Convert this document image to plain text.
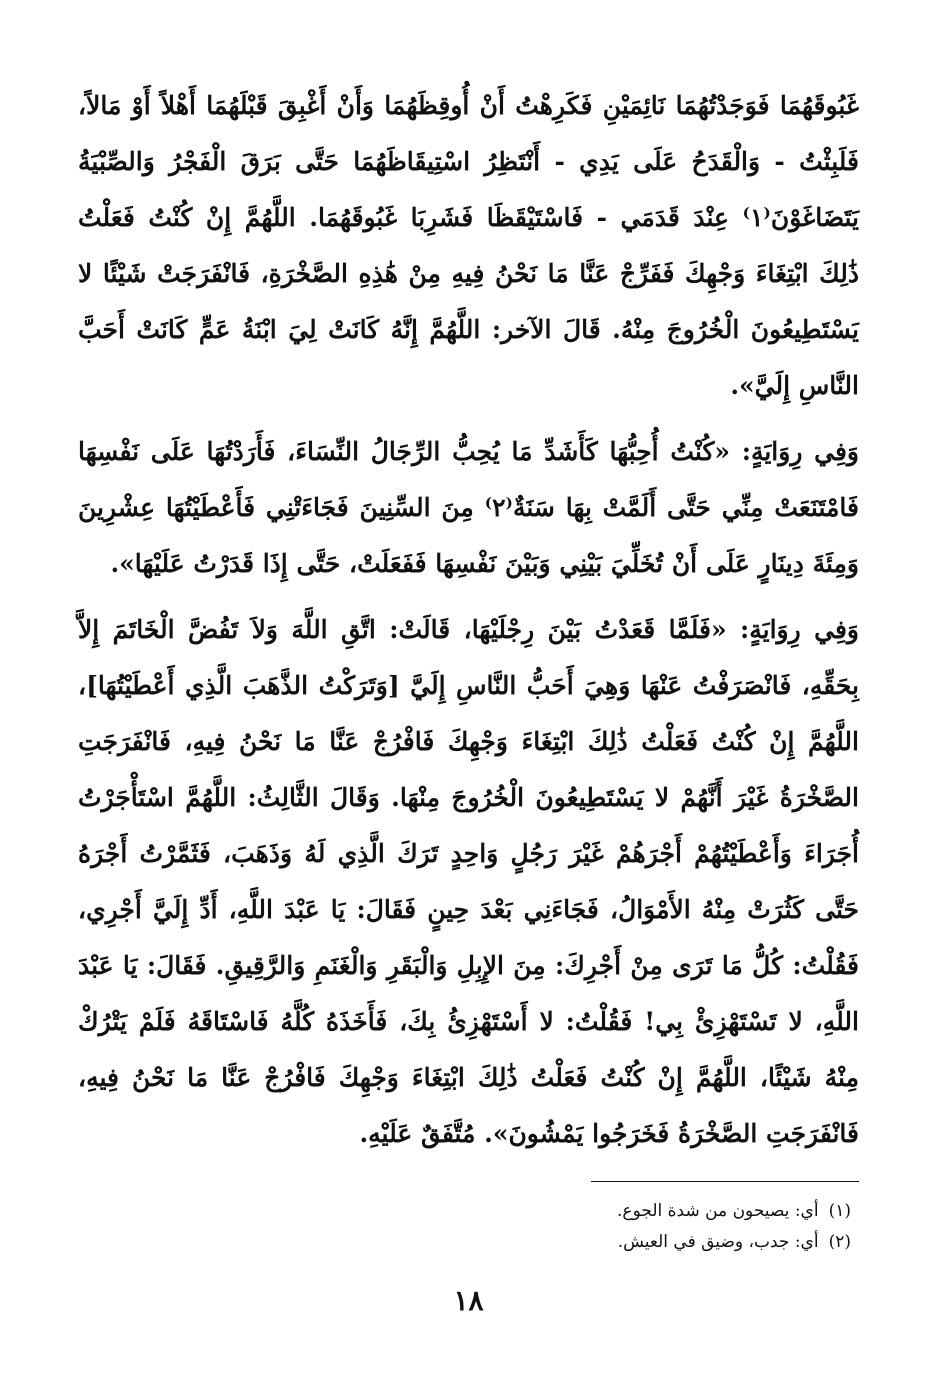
غَبُوقَهُمَا فَوَجَدْتُهُمَا نَائِمَيْنِ فَكَرِهْتُ أَنْ أُوقِظَهُمَا وَأَنْ أَغْبِقَ قَبْلَهُمَا أَهْلاً أَوْ مَالاً، فَلَبِثْتُ - وَالْقَدَحُ عَلَى يَدِي - أَنْتَظِرُ اسْتِيقَاظَهُمَا حَتَّى بَرَقَ الْفَجْرُ وَالصِّبْيَةُ يَتَضَاغَوْنَ⁽١⁾ عِنْدَ قَدَمَي - فَاسْتَيْقَظَا فَشَرِبَا غَبُوقَهُمَا. اللَّهُمَّ إِنْ كُنْتُ فَعَلْتُ ذَٰلِكَ ابْتِغَاءَ وَجْهِكَ فَفَرِّجْ عَنَّا مَا نَحْنُ فِيهِ مِنْ هَٰذِهِ الصَّخْرَةِ، فَانْفَرَجَتْ شَيْئًا لا يَسْتَطِيعُونَ الْخُرُوجَ مِنْهُ. قَالَ الآخر: اللَّهُمَّ إِنَّهُ كَانَتْ لِيَ ابْنَةُ عَمٍّ كَانَتْ أَحَبَّ النَّاسِ إِلَيَّ».

وَفِي رِوَايَةٍ: «كُنْتُ أُحِبُّهَا كَأَشَدِّ مَا يُحِبُّ الرِّجَالُ النِّسَاءَ، فَأَرَدْتُهَا عَلَى نَفْسِهَا فَامْتَنَعَتْ مِنِّي حَتَّى أَلَمَّتْ بِهَا سَنَةٌ⁽٢⁾ مِنَ السِّنِينَ فَجَاءَتْنِي فَأَعْطَيْتُهَا عِشْرِينَ وَمِئَةَ دِينَارٍ عَلَى أَنْ تُخَلِّيَ بَيْنِي وَبَيْنَ نَفْسِهَا فَفَعَلَتْ، حَتَّى إِذَا قَدَرْتُ عَلَيْهَا».

وَفِي رِوَايَةٍ: «فَلَمَّا قَعَدْتُ بَيْنَ رِجْلَيْهَا، قَالَتْ: اتَّقِ اللَّهَ وَلاَ تَفُضَّ الْخَاتَمَ إِلاَّ بِحَقِّهِ، فَانْصَرَفْتُ عَنْهَا وَهِيَ أَحَبُّ النَّاسِ إِلَيَّ [وَتَرَكْتُ الذَّهَبَ الَّذِي أَعْطَيْتُهَا]، اللَّهُمَّ إِنْ كُنْتُ فَعَلْتُ ذَٰلِكَ ابْتِغَاءَ وَجْهِكَ فَافْرُجْ عَنَّا مَا نَحْنُ فِيهِ، فَانْفَرَجَتِ الصَّخْرَةُ غَيْرَ أَنَّهُمْ لا يَسْتَطِيعُونَ الْخُرُوجَ مِنْهَا. وَقَالَ الثَّالِثُ: اللَّهُمَّ اسْتَأْجَرْتُ أُجَرَاءَ وَأَعْطَيْتُهُمْ أَجْرَهُمْ غَيْرَ رَجُلٍ وَاحِدٍ تَرَكَ الَّذِي لَهُ وَذَهَبَ، فَثَمَّرْتُ أَجْرَهُ حَتَّى كَثُرَتْ مِنْهُ الأَمْوَالُ، فَجَاءَنِي بَعْدَ حِينٍ فَقَالَ: يَا عَبْدَ اللَّهِ، أَدِّ إِلَيَّ أَجْرِي، فَقُلْتُ: كُلُّ مَا تَرَى مِنْ أَجْرِكَ: مِنَ الإِبِلِ وَالْبَقَرِ وَالْغَنَمِ وَالرَّقِيقِ. فَقَالَ: يَا عَبْدَ اللَّهِ، لا تَسْتَهْزِئْ بِي! فَقُلْتُ: لا أَسْتَهْزِئُ بِكَ، فَأَخَذَهُ كُلَّهُ فَاسْتَاقَهُ فَلَمْ يَتْرُكْ مِنْهُ شَيْئًا، اللَّهُمَّ إِنْ كُنْتُ فَعَلْتُ ذَٰلِكَ ابْتِغَاءَ وَجْهِكَ فَافْرُجْ عَنَّا مَا نَحْنُ فِيهِ، فَانْفَرَجَتِ الصَّخْرَةُ فَخَرَجُوا يَمْشُونَ». مُتَّفَقٌ عَلَيْهِ.

(١)أي: يصيحون من شدة الجوع.
(٢)أي: جدب، وضيق في العيش.
١٨
